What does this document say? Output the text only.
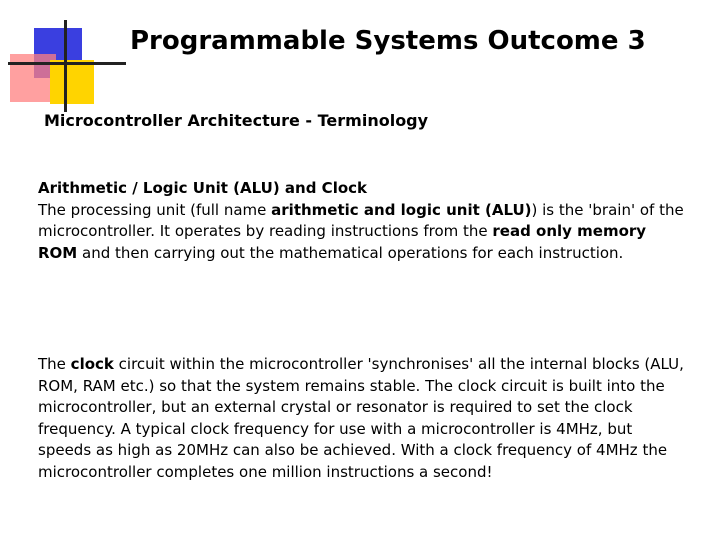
Programmable Systems Outcome 3
Microcontroller Architecture - Terminology
Arithmetic / Logic Unit (ALU) and Clock
The processing unit (full name arithmetic and logic unit (ALU)) is the 'brain' of the microcontroller. It operates by reading instructions from the read only memory ROM and then carrying out the mathematical operations for each instruction.
The clock circuit within the microcontroller 'synchronises' all the internal blocks (ALU, ROM, RAM etc.) so that the system remains stable. The clock circuit is built into the microcontroller, but an external crystal or resonator is required to set the clock frequency. A typical clock frequency for use with a microcontroller is 4MHz, but speeds as high as 20MHz can also be achieved. With a clock frequency of 4MHz the microcontroller completes one million instructions a second!
